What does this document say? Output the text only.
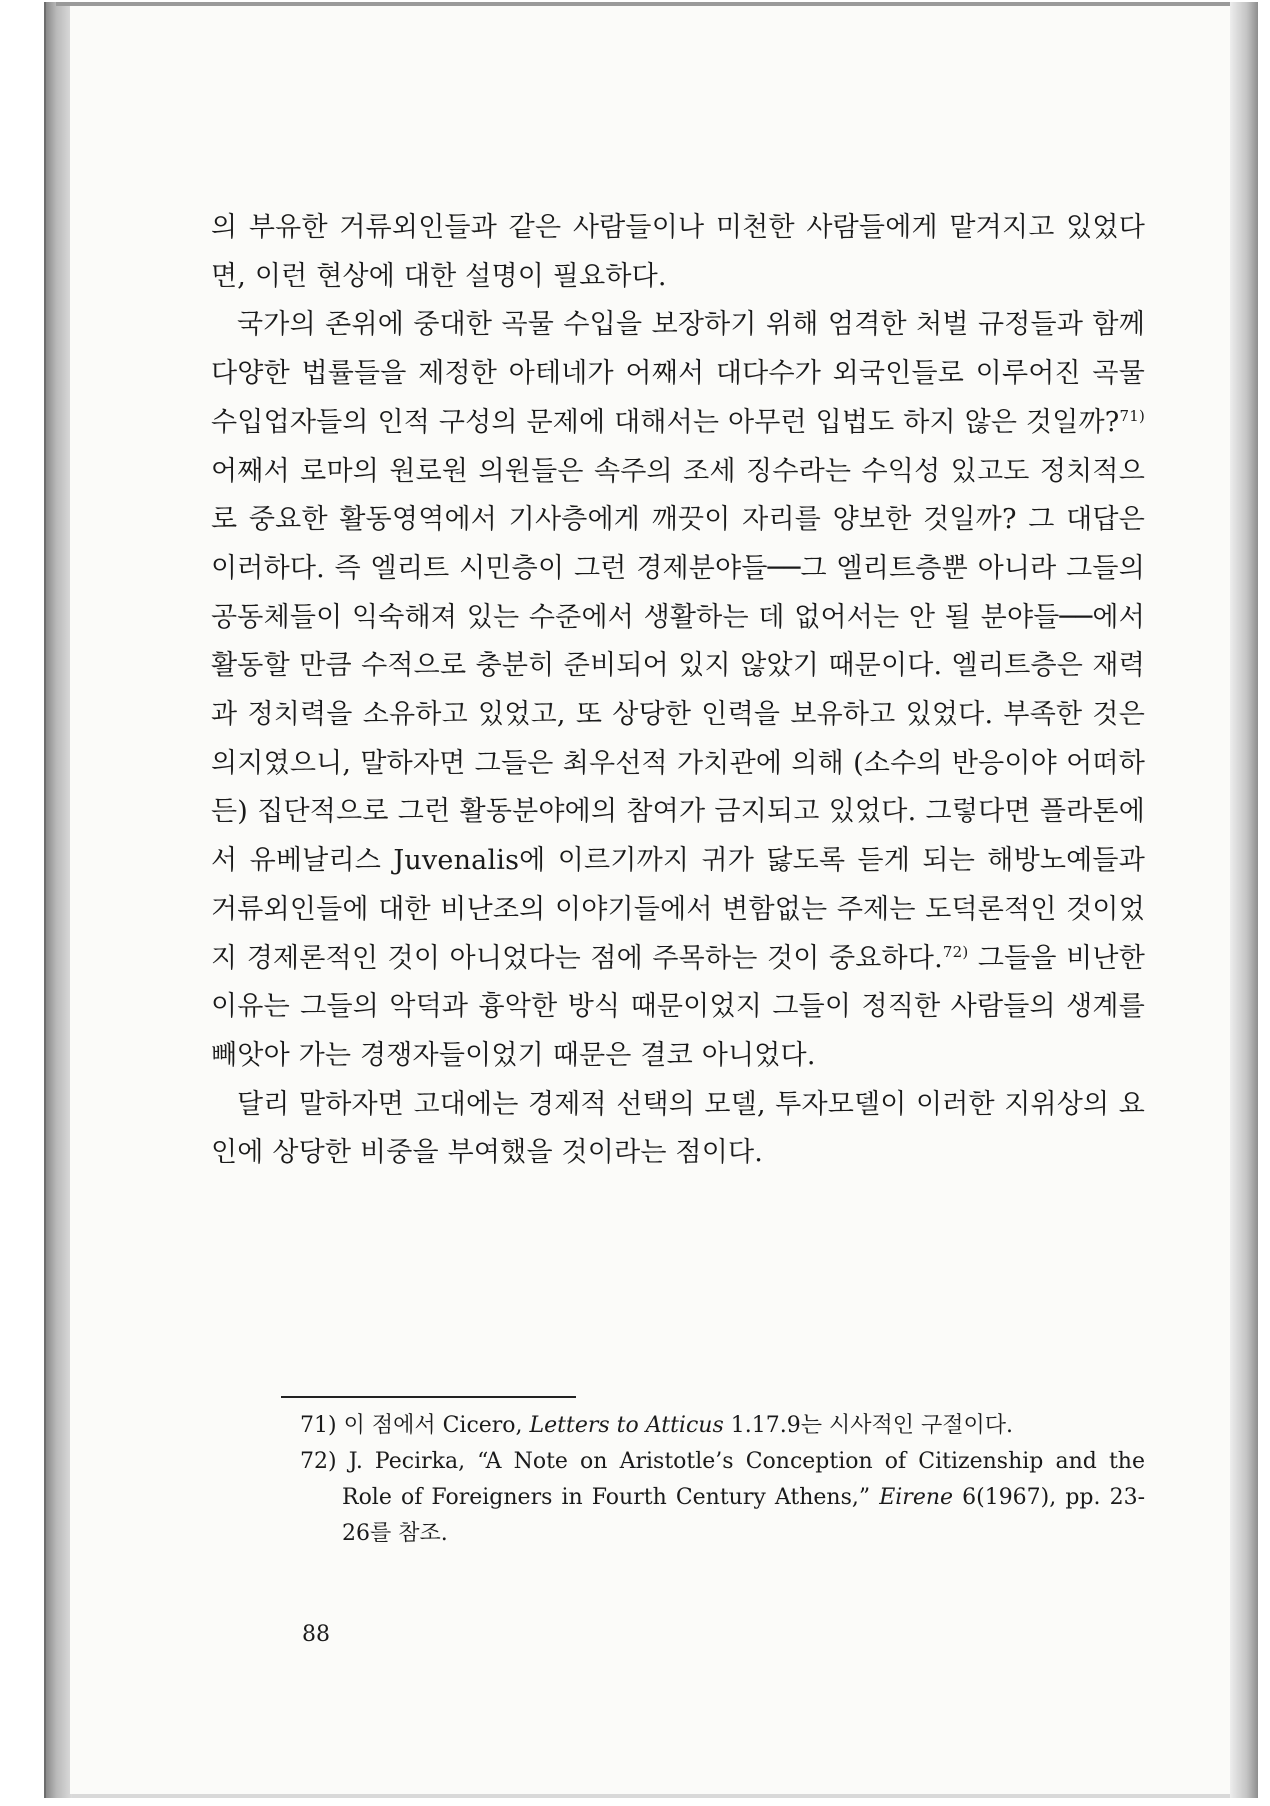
의 부유한 거류외인들과 같은 사람들이나 미천한 사람들에게 맡겨지고 있었다면, 이런 현상에 대한 설명이 필요하다.

국가의 존위에 중대한 곡물 수입을 보장하기 위해 엄격한 처벌 규정들과 함께 다양한 법률들을 제정한 아테네가 어째서 대다수가 외국인들로 이루어진 곡물 수입업자들의 인적 구성의 문제에 대해서는 아무런 입법도 하지 않은 것일까?$^{71)}$ 어째서 로마의 원로원 의원들은 속주의 조세 징수라는 수익성 있고도 정치적으로 중요한 활동영역에서 기사층에게 깨끗이 자리를 양보한 것일까? 그 대답은 이러하다. 즉 엘리트 시민층이 그런 경제분야들──그 엘리트층뿐 아니라 그들의 공동체들이 익숙해져 있는 수준에서 생활하는 데 없어서는 안 될 분야들──에서 활동할 만큼 수적으로 충분히 준비되어 있지 않았기 때문이다. 엘리트층은 재력과 정치력을 소유하고 있었고, 또 상당한 인력을 보유하고 있었다. 부족한 것은 의지였으니, 말하자면 그들은 최우선적 가치관에 의해 (소수의 반응이야 어떠하든) 집단적으로 그런 활동분야에의 참여가 금지되고 있었다. 그렇다면 플라톤에서 유베날리스 Juvenalis에 이르기까지 귀가 닳도록 듣게 되는 해방노예들과 거류외인들에 대한 비난조의 이야기들에서 변함없는 주제는 도덕론적인 것이었지 경제론적인 것이 아니었다는 점에 주목하는 것이 중요하다.$^{72)}$ 그들을 비난한 이유는 그들의 악덕과 흉악한 방식 때문이었지 그들이 정직한 사람들의 생계를 빼앗아 가는 경쟁자들이었기 때문은 결코 아니었다.

달리 말하자면 고대에는 경제적 선택의 모델, 투자모델이 이러한 지위상의 요인에 상당한 비중을 부여했을 것이라는 점이다.

71) 이 점에서 Cicero, Letters to Atticus 1.17.9는 시사적인 구절이다.
72) J. Pecirka, “A Note on Aristotle’s Conception of Citizenship and the Role of Foreigners in Fourth Century Athens,” Eirene 6(1967), pp. 23-26를 참조.
88
